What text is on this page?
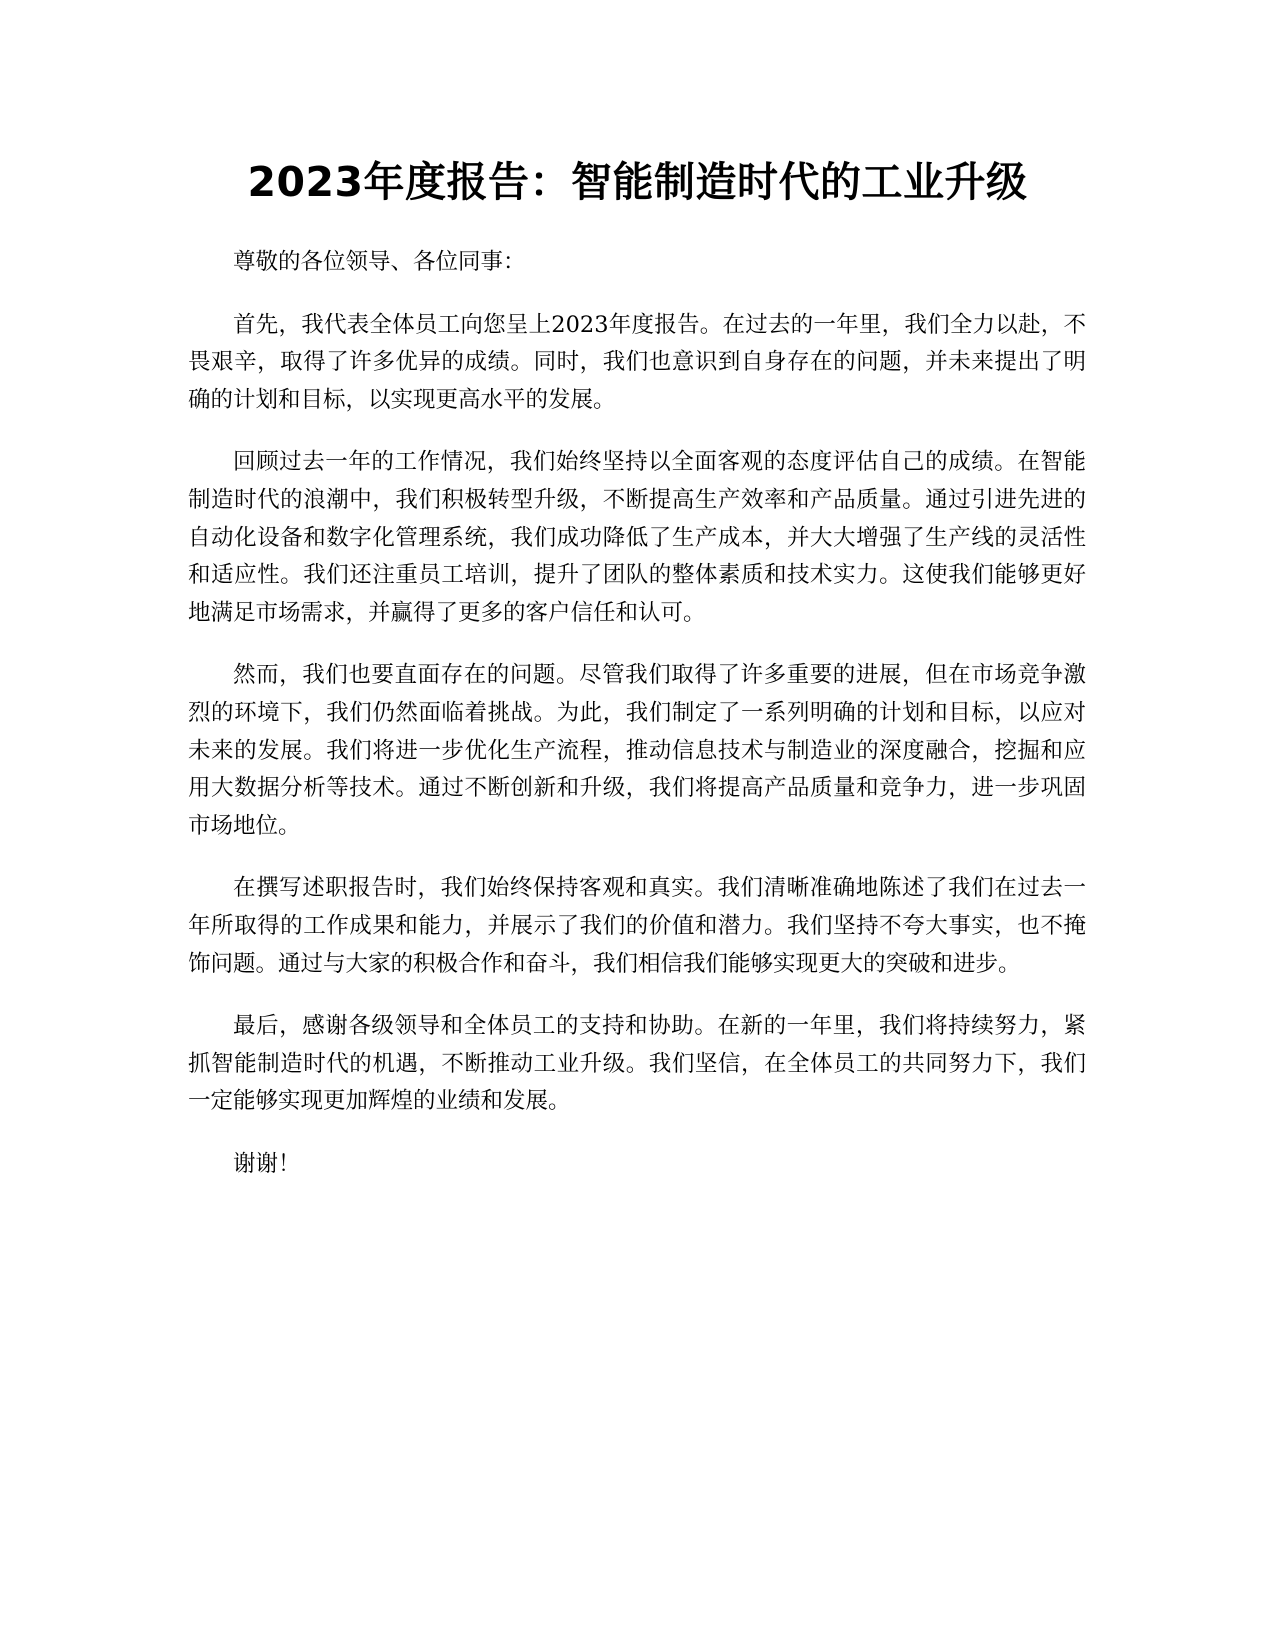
2023年度报告：智能制造时代的工业升级

尊敬的各位领导、各位同事：

首先，我代表全体员工向您呈上2023年度报告。在过去的一年里，我们全力以赴，不畏艰辛，取得了许多优异的成绩。同时，我们也意识到自身存在的问题，并未来提出了明确的计划和目标，以实现更高水平的发展。

回顾过去一年的工作情况，我们始终坚持以全面客观的态度评估自己的成绩。在智能制造时代的浪潮中，我们积极转型升级，不断提高生产效率和产品质量。通过引进先进的自动化设备和数字化管理系统，我们成功降低了生产成本，并大大增强了生产线的灵活性和适应性。我们还注重员工培训，提升了团队的整体素质和技术实力。这使我们能够更好地满足市场需求，并赢得了更多的客户信任和认可。

然而，我们也要直面存在的问题。尽管我们取得了许多重要的进展，但在市场竞争激烈的环境下，我们仍然面临着挑战。为此，我们制定了一系列明确的计划和目标，以应对未来的发展。我们将进一步优化生产流程，推动信息技术与制造业的深度融合，挖掘和应用大数据分析等技术。通过不断创新和升级，我们将提高产品质量和竞争力，进一步巩固市场地位。

在撰写述职报告时，我们始终保持客观和真实。我们清晰准确地陈述了我们在过去一年所取得的工作成果和能力，并展示了我们的价值和潜力。我们坚持不夸大事实，也不掩饰问题。通过与大家的积极合作和奋斗，我们相信我们能够实现更大的突破和进步。

最后，感谢各级领导和全体员工的支持和协助。在新的一年里，我们将持续努力，紧抓智能制造时代的机遇，不断推动工业升级。我们坚信，在全体员工的共同努力下，我们一定能够实现更加辉煌的业绩和发展。

谢谢！
